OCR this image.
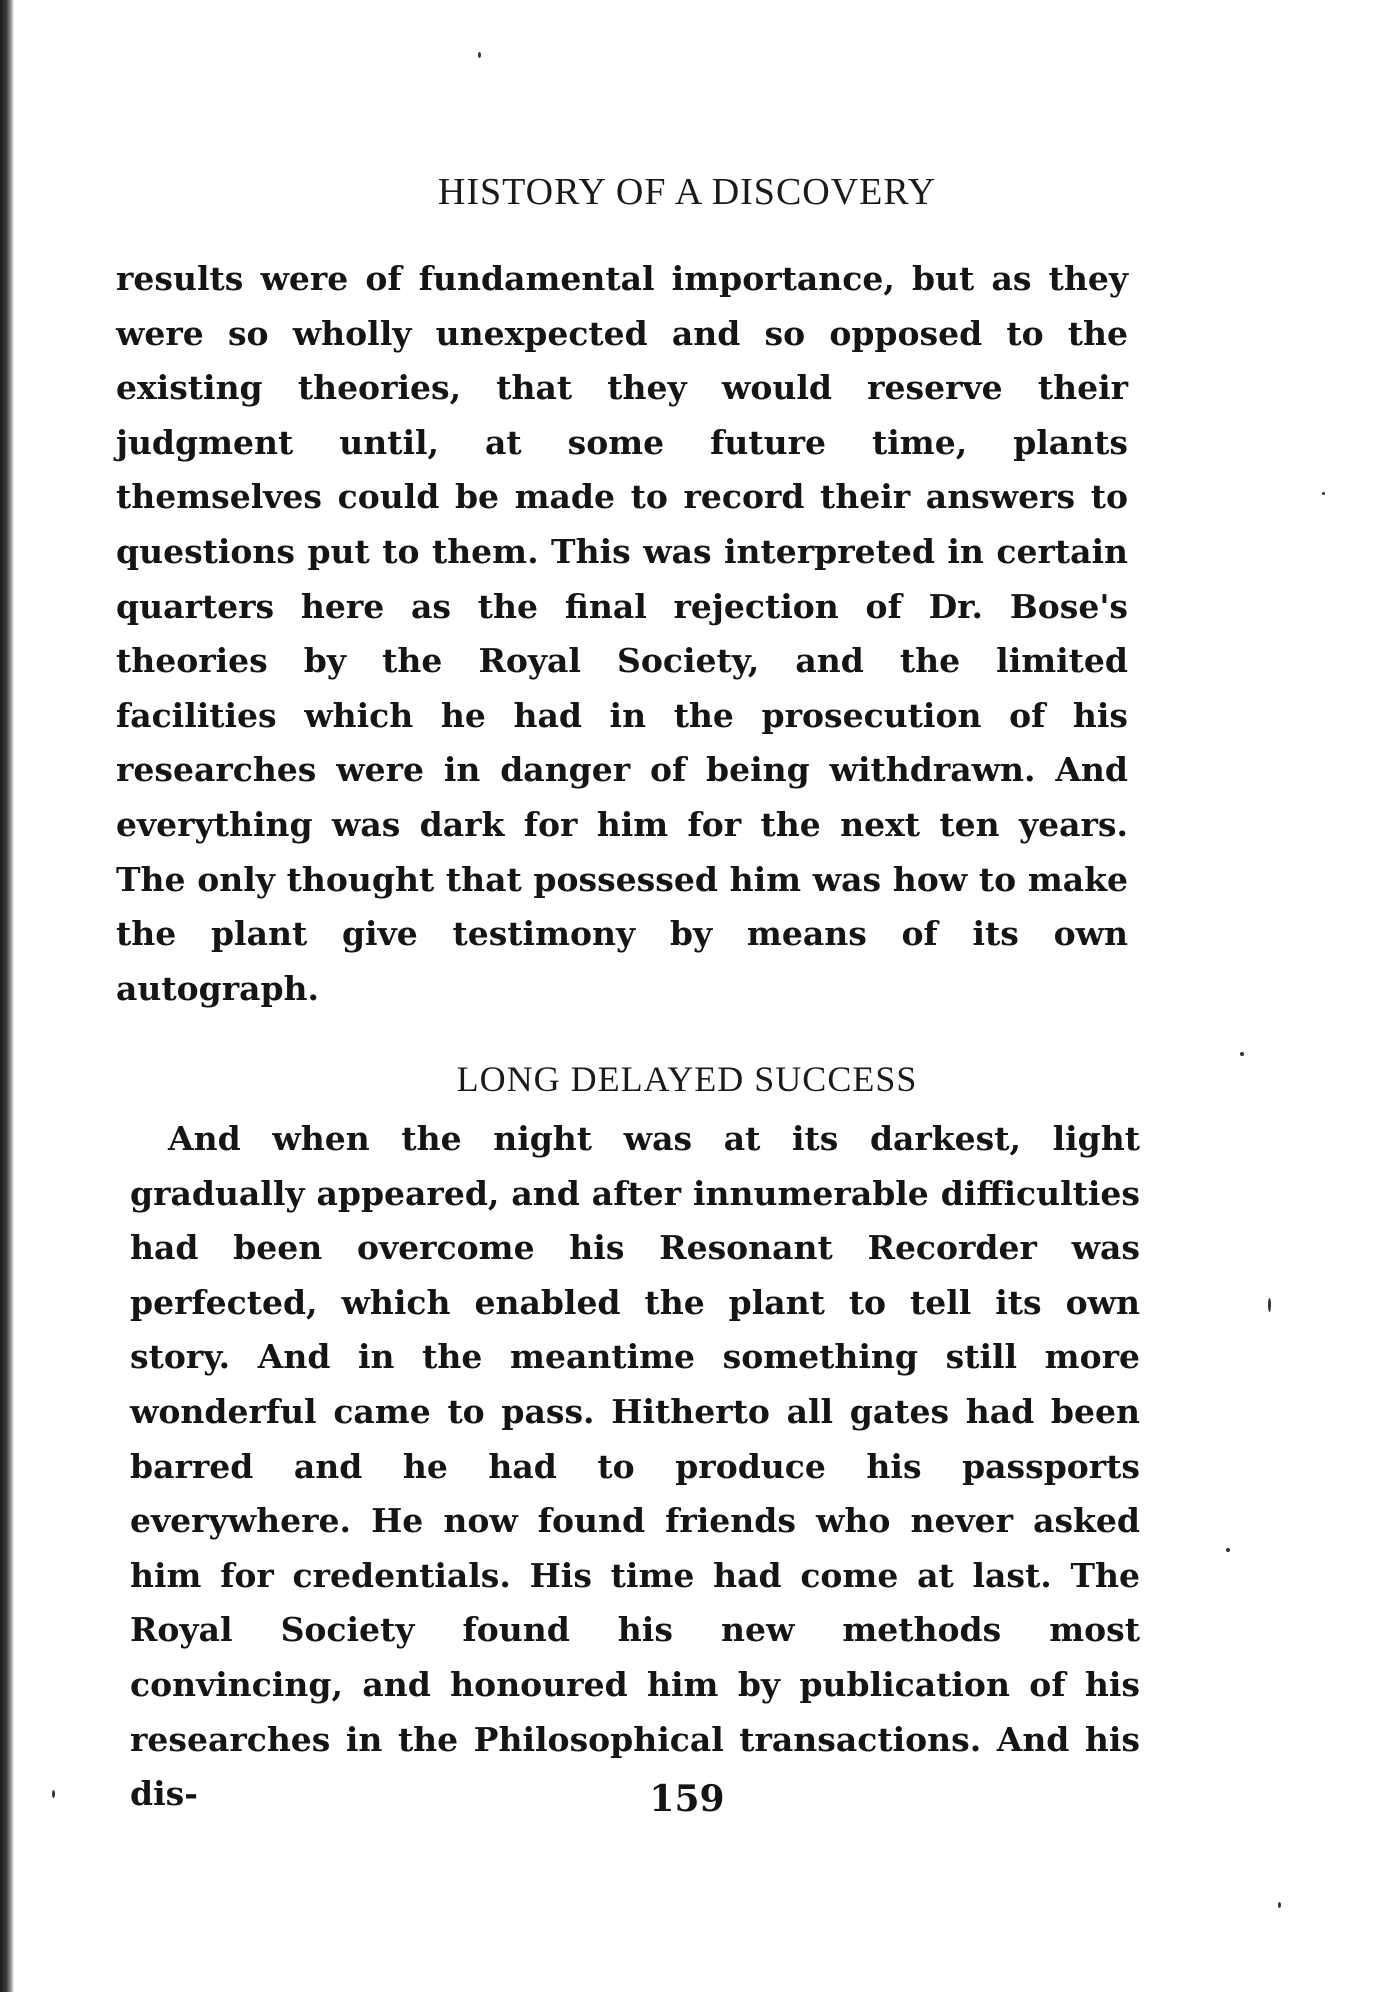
HISTORY OF A DISCOVERY
results were of fundamental importance, but as they were so wholly unexpected and so opposed to the existing theories, that they would reserve their judgment until, at some future time, plants themselves could be made to record their answers to questions put to them. This was interpreted in certain quarters here as the final rejection of Dr. Bose's theories by the Royal Society, and the limited facilities which he had in the prosecution of his researches were in danger of being withdrawn. And everything was dark for him for the next ten years. The only thought that possessed him was how to make the plant give testimony by means of its own autograph.
LONG DELAYED SUCCESS
And when the night was at its darkest, light gradually appeared, and after innumerable difficulties had been overcome his Resonant Recorder was perfected, which enabled the plant to tell its own story. And in the meantime something still more wonderful came to pass. Hitherto all gates had been barred and he had to produce his passports everywhere. He now found friends who never asked him for credentials. His time had come at last. The Royal Society found his new methods most convincing, and honoured him by publication of his researches in the Philosophical transactions. And his dis-	159
